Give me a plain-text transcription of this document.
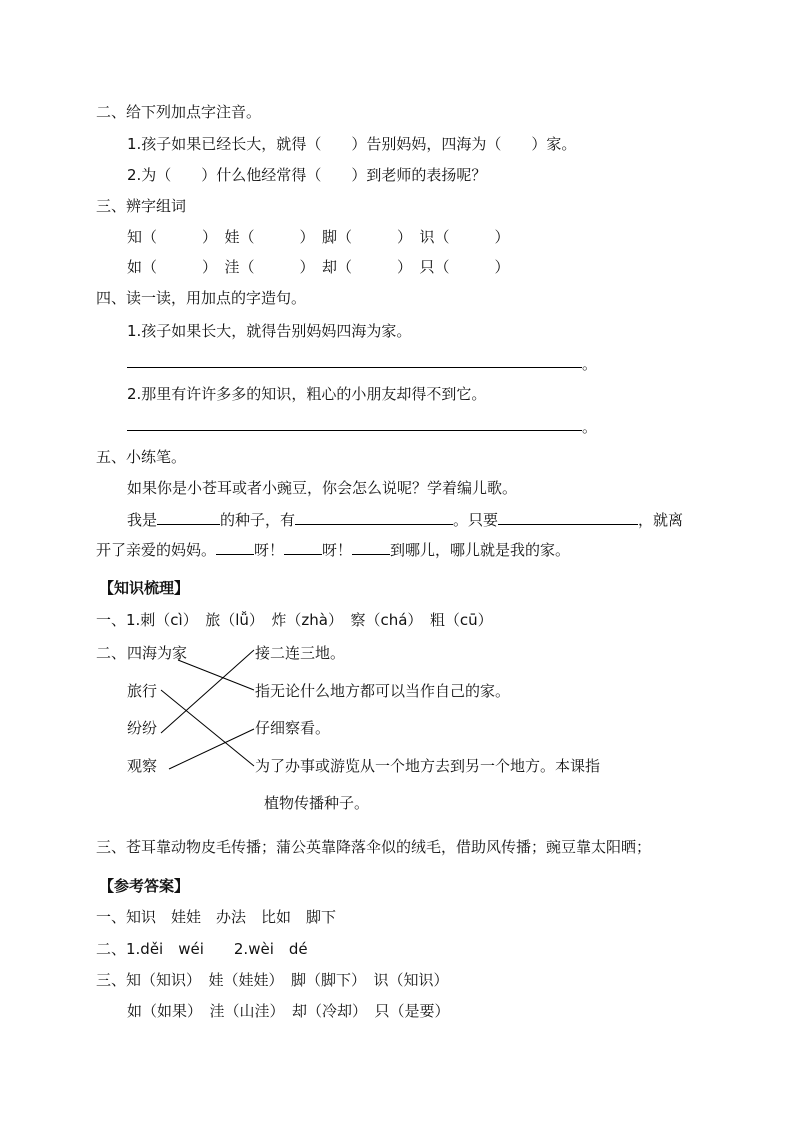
二、给下列加点字注音。
1.孩子如果已经长大，就得（　　）告别妈妈，四海为（　　）家。
2.为（　　）什么他经常得（　　）到老师的表扬呢？
三、辨字组词
知（　　　）　娃（　　　）　脚（　　　）　识（　　　）
如（　　　）　洼（　　　）　却（　　　）　只（　　　）
四、读一读，用加点的字造句。
1.孩子如果长大，就得告别妈妈四海为家。
。
2.那里有许许多多的知识，粗心的小朋友却得不到它。
。
五、小练笔。
如果你是小苍耳或者小豌豆，你会怎么说呢？学着编儿歌。
我是	的种子，有	。只要	，就离
开了亲爱的妈妈。	呀！	呀！	到哪儿，哪儿就是我的家。
【知识梳理】
一、1.刺（cì）　旅（lǚ）　炸（zhà）　察（chá）　粗（cū）
二、 四海为家
旅行
纷纷
观察
接二连三地。
指无论什么地方都可以当作自己的家。
仔细察看。
为了办事或游览从一个地方去到另一个地方。本课指
植物传播种子。
三、苍耳靠动物皮毛传播；蒲公英靠降落伞似的绒毛，借助风传播；豌豆靠太阳晒；
【参考答案】
一、知识　娃娃　办法　比如　脚下
二、1.děi　wéi　　2.wèi　dé
三、知（知识）　娃（娃娃）　脚（脚下）　识（知识）
如（如果）　洼（山洼）　却（冷却）　只（是要）
